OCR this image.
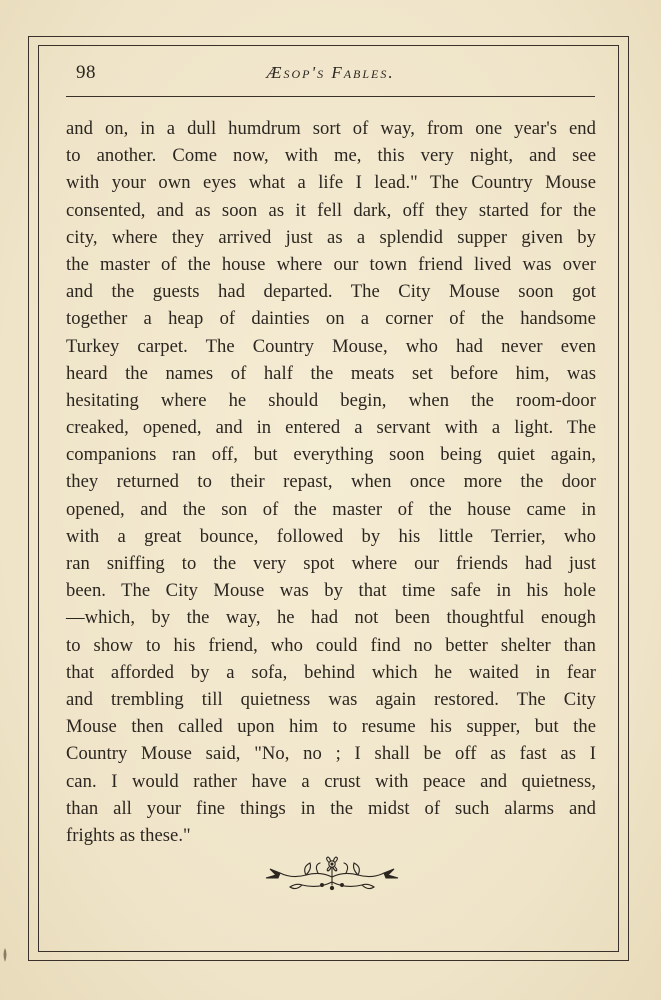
98	Æsop's Fables.
and on, in a dull humdrum sort of way, from one year's end
to another. Come now, with me, this very night, and see
with your own eyes what a life I lead." The Country Mouse
consented, and as soon as it fell dark, off they started for the
city, where they arrived just as a splendid supper given by
the master of the house where our town friend lived was over
and the guests had departed. The City Mouse soon got
together a heap of dainties on a corner of the handsome
Turkey carpet. The Country Mouse, who had never even
heard the names of half the meats set before him, was
hesitating where he should begin, when the room-door
creaked, opened, and in entered a servant with a light. The
companions ran off, but everything soon being quiet again,
they returned to their repast, when once more the door
opened, and the son of the master of the house came in
with a great bounce, followed by his little Terrier, who
ran sniffing to the very spot where our friends had just
been. The City Mouse was by that time safe in his hole
—which, by the way, he had not been thoughtful enough
to show to his friend, who could find no better shelter than
that afforded by a sofa, behind which he waited in fear
and trembling till quietness was again restored. The City
Mouse then called upon him to resume his supper, but the
Country Mouse said, "No, no ; I shall be off as fast as I
can. I would rather have a crust with peace and quietness,
than all your fine things in the midst of such alarms and
frights as these."
